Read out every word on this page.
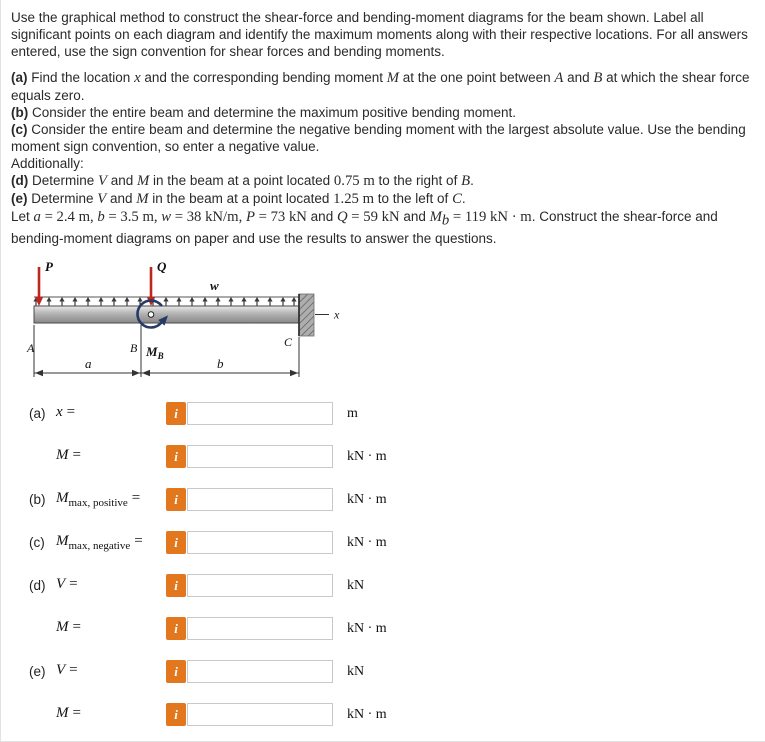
Use the graphical method to construct the shear-force and bending-moment diagrams for the beam shown. Label all significant points on each diagram and identify the maximum moments along with their respective locations. For all answers entered, use the sign convention for shear forces and bending moments.

(a) Find the location x and the corresponding bending moment M at the one point between A and B at which the shear force equals zero.

(b) Consider the entire beam and determine the maximum positive bending moment.

(c) Consider the entire beam and determine the negative bending moment with the largest absolute value. Use the bending moment sign convention, so enter a negative value.

Additionally:

(d) Determine V and M in the beam at a point located 0.75 m to the right of B.

(e) Determine V and M in the beam at a point located 1.25 m to the left of C.

Let a = 2.4 m, b = 3.5 m, w = 38 kN/m, P = 73 kN and Q = 59 kN and $M_b = 119$ kN · m. Construct the shear-force and bending-moment diagrams on paper and use the results to answer the questions.

w
x
P	Q
A	B	C
$M_B$
a	b
(a) x =	i	m
M =	i	kN · m
(b) $M_{max, positive}$ =	i	kN · m
(c) $M_{max, negative}$ =	i	kN · m
(d) V =	i	kN
M =	i	kN · m
(e) V =	i	kN
M =	i	kN · m
